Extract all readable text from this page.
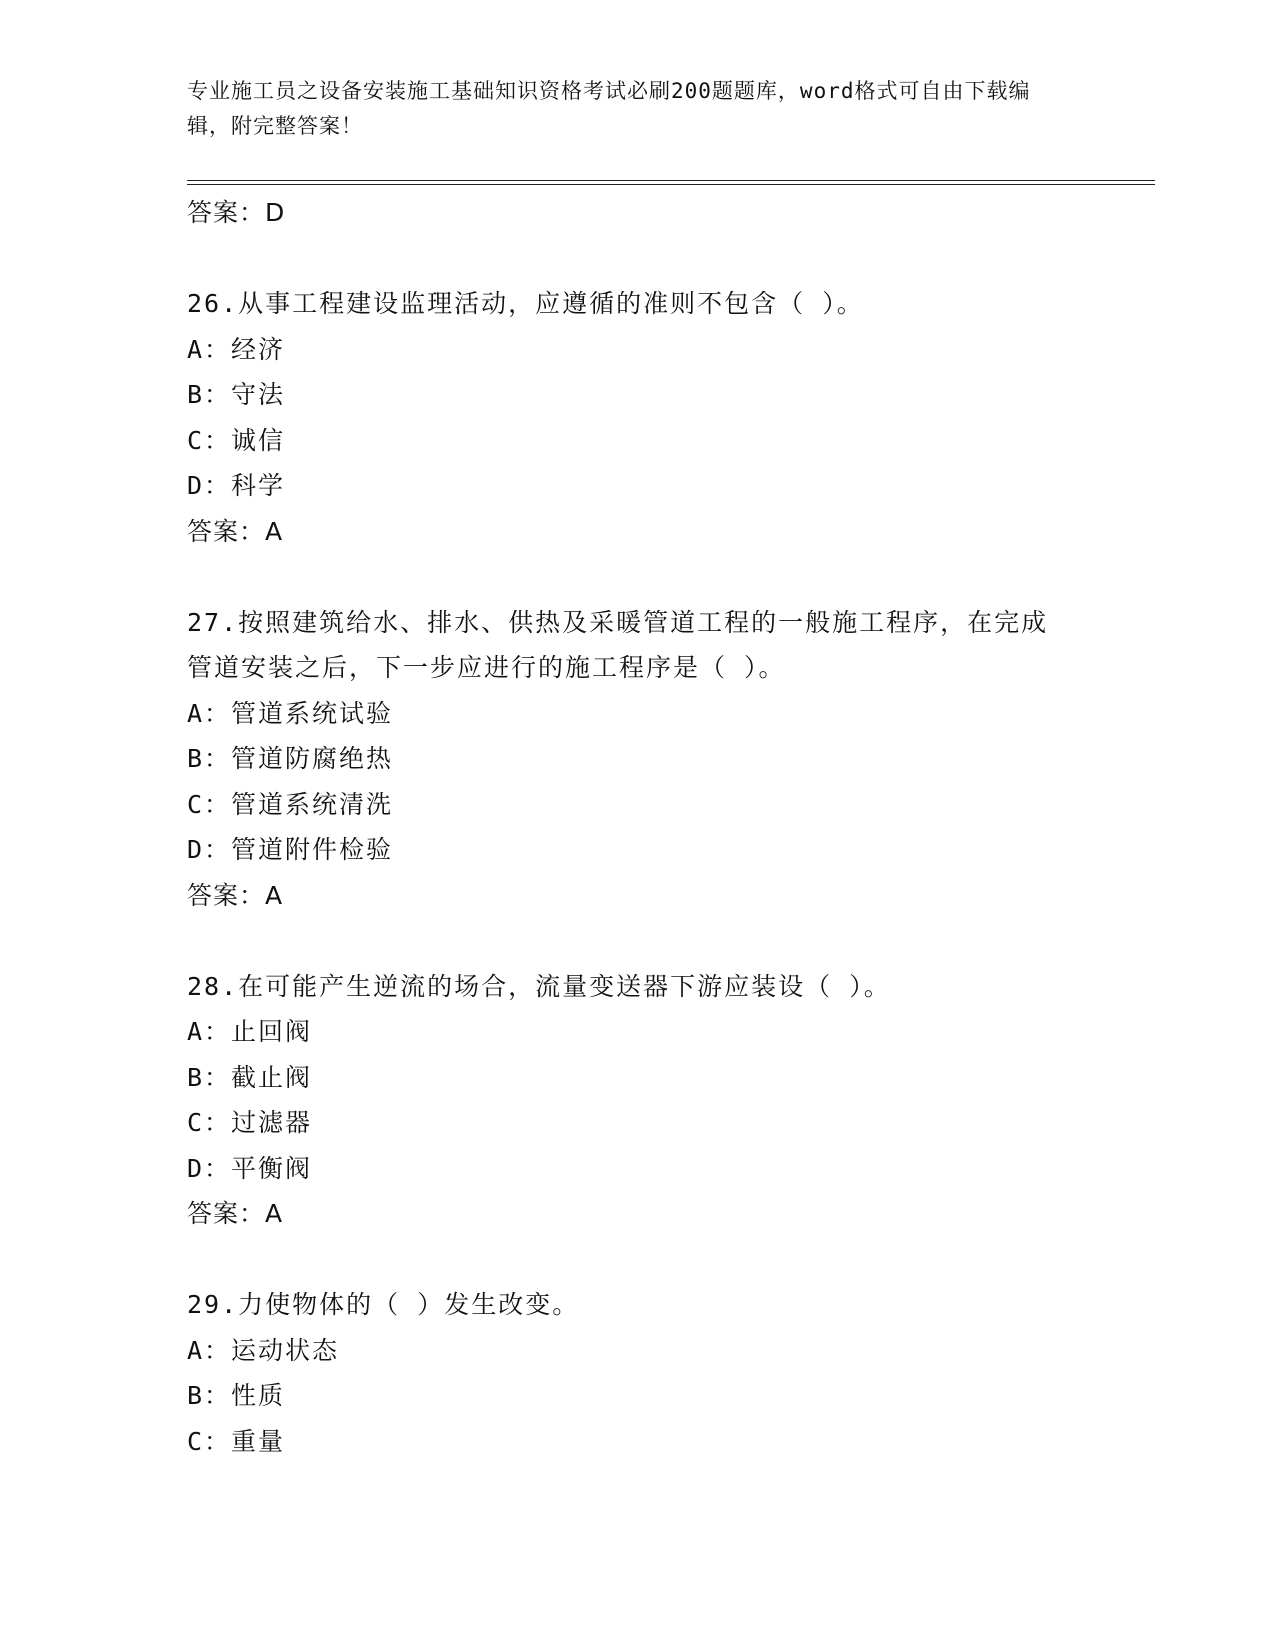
专业施工员之设备安装施工基础知识资格考试必刷200题题库，word格式可自由下载编辑，附完整答案！
答案：D
26.从事工程建设监理活动，应遵循的准则不包含（ ）。
A：经济
B：守法
C：诚信
D：科学
答案：A
27.按照建筑给水、排水、供热及采暖管道工程的一般施工程序，在完成管道安装之后，下一步应进行的施工程序是（ ）。
A：管道系统试验
B：管道防腐绝热
C：管道系统清洗
D：管道附件检验
答案：A
28.在可能产生逆流的场合，流量变送器下游应装设（ ）。
A：止回阀
B：截止阀
C：过滤器
D：平衡阀
答案：A
29.力使物体的（ ）发生改变。
A：运动状态
B：性质
C：重量
